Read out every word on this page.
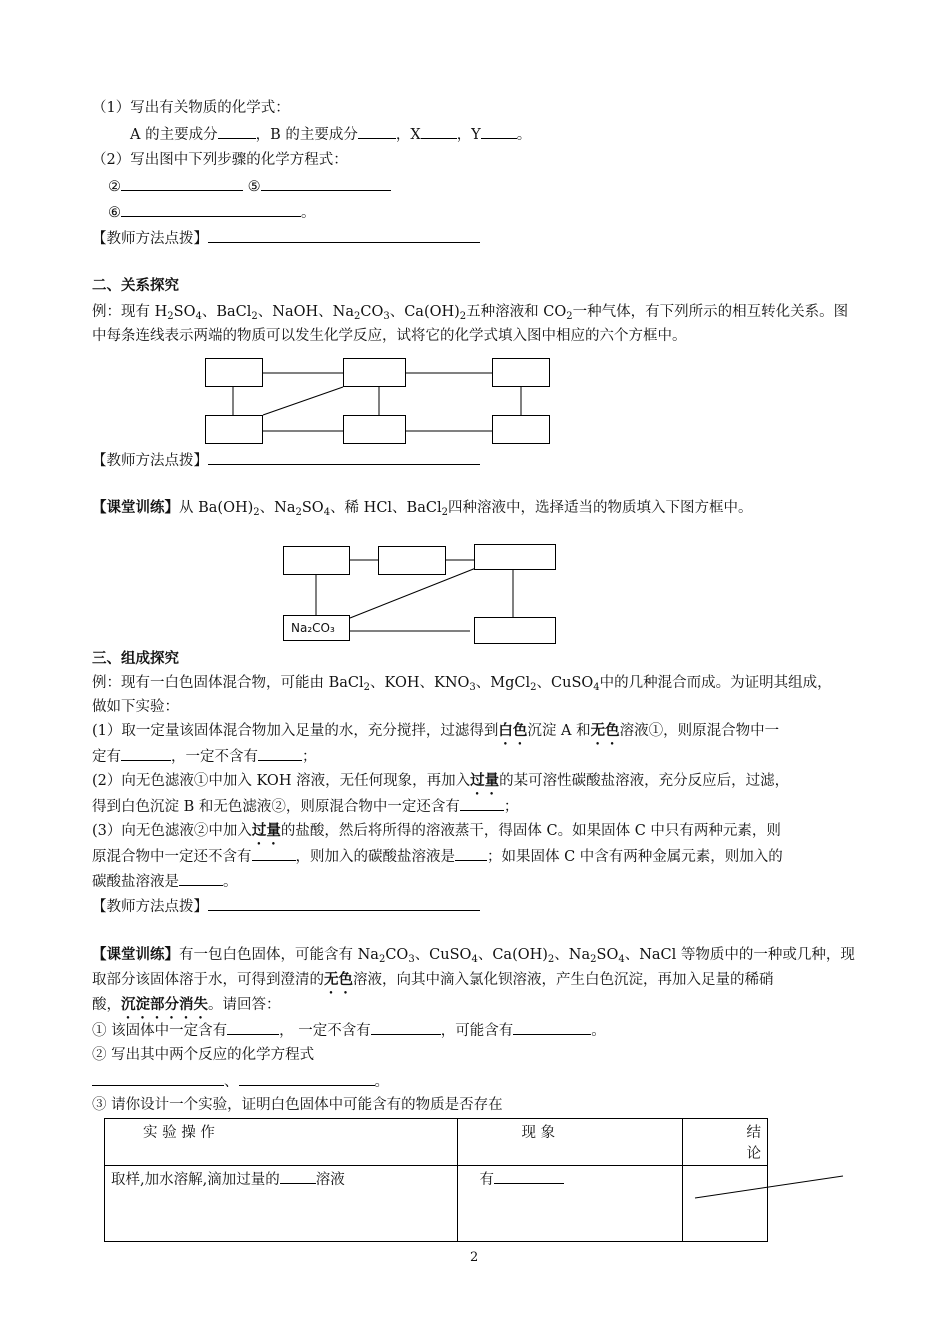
（1）写出有关物质的化学式：
A 的主要成分	，B 的主要成分	，X ，Y 。
（2）写出图中下列步骤的化学方程式：
②	⑤
⑥	。
【教师方法点拨】
二、关系探究
例：现有 $H_2SO_4$、BaCl$_2$、NaOH、$Na_2CO_3$、$Ca(OH)_2$五种溶液和 $CO_2$一种气体，有下列所示的相互转化关系。图
中每条连线表示两端的物质可以发生化学反应，试将它的化学式填入图中相应的六个方框中。
【教师方法点拨】
【课堂训练】从 $Ba(OH)_2$、$Na_2SO_4$、稀 HCl、BaCl$_2$四种溶液中，选择适当的物质填入下图方框中。
Na₂CO₃
三、组成探究
例：现有一白色固体混合物，可能由 BaCl$_2$、KOH、$KNO_3$、MgCl$_2$、CuSO$_4$中的几种混合而成。为证明其组成，
做如下实验：
(1）取一定量该固体混合物加入足量的水，充分搅拌，过滤得到白色沉淀 A 和无色溶液①，则原混合物中一
定有	，一定不含有	；
(2）向无色滤液①中加入 KOH 溶液，无任何现象，再加入过量的某可溶性碳酸盐溶液，充分反应后，过滤，
得到白色沉淀 B 和无色滤液②，则原混合物中一定还含有	；
(3）向无色滤液②中加入过量的盐酸，然后将所得的溶液蒸干，得固体 C。如果固体 C 中只有两种元素，则
原混合物中一定还不含有	，则加入的碳酸盐溶液是 ；如果固体 C 中含有两种金属元素，则加入的
碳酸盐溶液是	。
【教师方法点拨】
【课堂训练】有一包白色固体，可能含有 $Na_2CO_3$、CuSO$_4$、$Ca(OH)_2$、$Na_2SO_4$、NaCl 等物质中的一种或几种，现
取部分该固体溶于水，可得到澄清的无色溶液，向其中滴入氯化钡溶液，产生白色沉淀，再加入足量的稀硝
酸，沉淀部分消失。请回答：
① 该固体中一定含有	， 一定不含有	，可能含有	。
② 写出其中两个反应的化学方程式
、	。
③ 请你设计一个实验，证明白色固体中可能含有的物质是否存在
实 验 操 作	现 象	结论
取样,加水溶解,滴加过量的 溶液	有	
2
